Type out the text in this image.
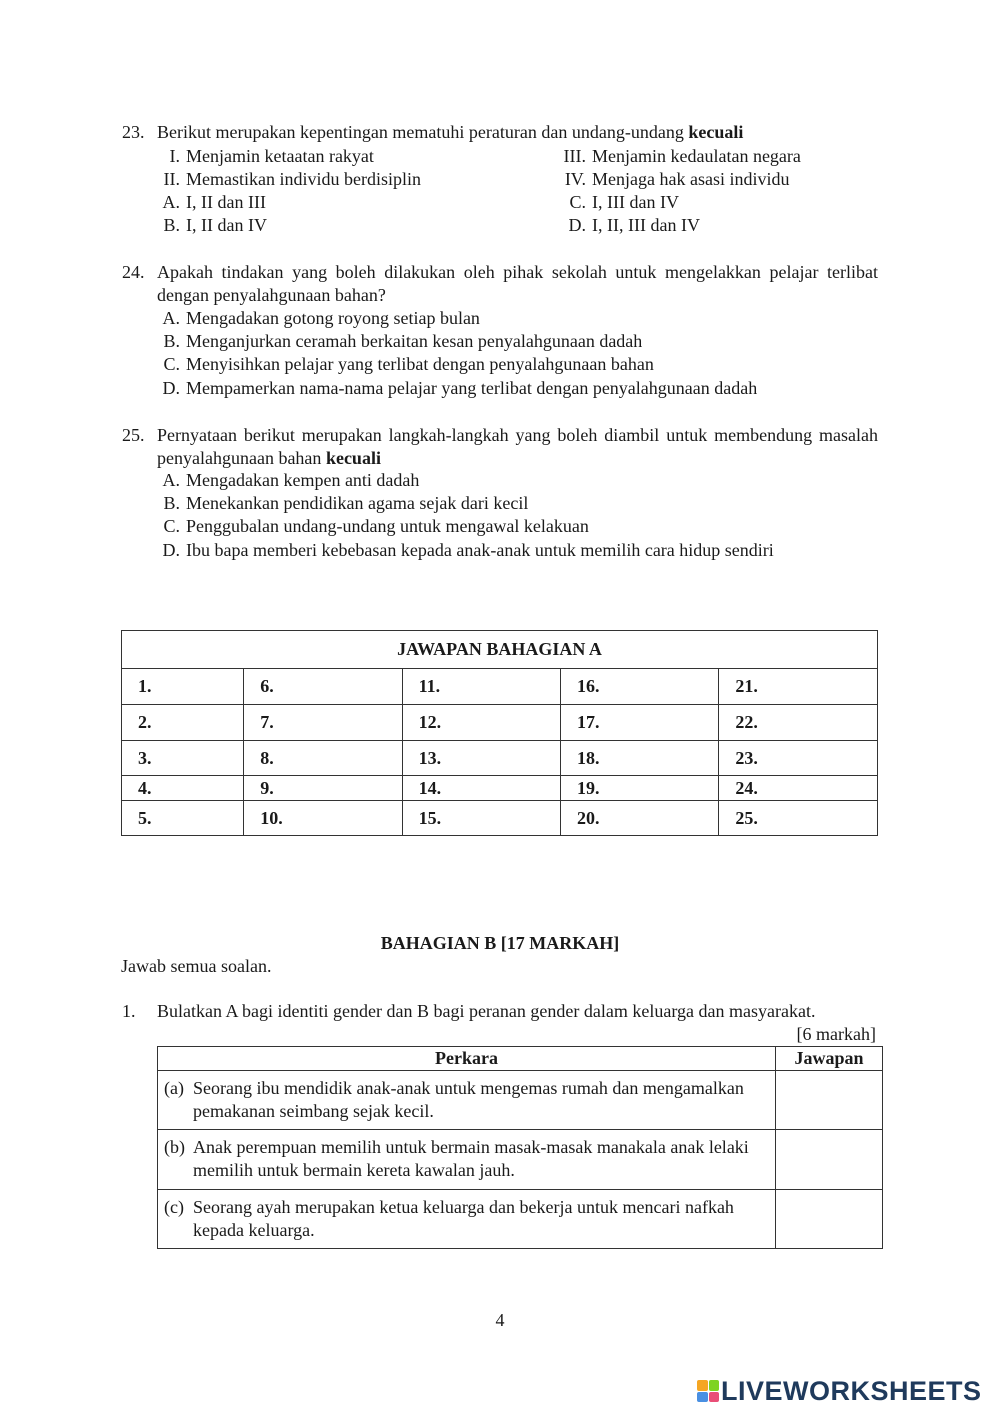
23. Berikut merupakan kepentingan mematuhi peraturan dan undang-undang kecuali
I. Menjamin ketaatan rakyat	III. Menjamin kedaulatan negara
II. Memastikan individu berdisiplin	IV. Menjaga hak asasi individu
A. I, II dan III	C. I, III dan IV
B. I, II dan IV	D. I, II, III dan IV
24. Apakah tindakan yang boleh dilakukan oleh pihak sekolah untuk mengelakkan pelajar terlibat dengan penyalahgunaan bahan?
A. Mengadakan gotong royong setiap bulan
B. Menganjurkan ceramah berkaitan kesan penyalahgunaan dadah
C. Menyisihkan pelajar yang terlibat dengan penyalahgunaan bahan
D. Mempamerkan nama-nama pelajar yang terlibat dengan penyalahgunaan dadah
25. Pernyataan berikut merupakan langkah-langkah yang boleh diambil untuk membendung masalah penyalahgunaan bahan kecuali
A. Mengadakan kempen anti dadah
B. Menekankan pendidikan agama sejak dari kecil
C. Penggubalan undang-undang untuk mengawal kelakuan
D. Ibu bapa memberi kebebasan kepada anak-anak untuk memilih cara hidup sendiri
JAWAPAN BAHAGIAN A				
1.	6.	11.	16.	21.
2.	7.	12.	17.	22.
3.	8.	13.	18.	23.
4.	9.	14.	19.	24.
5.	10.	15.	20.	25.
BAHAGIAN B [17 MARKAH]
Jawab semua soalan.
1.	Bulatkan A bagi identiti gender dan B bagi peranan gender dalam keluarga dan masyarakat.
[6 markah]
Perkara	Jawapan

(a) Seorang ibu mendidik anak-anak untuk mengemas rumah dan mengamalkan pemakanan seimbang sejak kecil.	

(b) Anak perempuan memilih untuk bermain masak-masak manakala anak lelaki memilih untuk bermain kereta kawalan jauh.	

(c) Seorang ayah merupakan ketua keluarga dan bekerja untuk mencari nafkah kepada keluarga.	

4
LIVEWORKSHEETS
